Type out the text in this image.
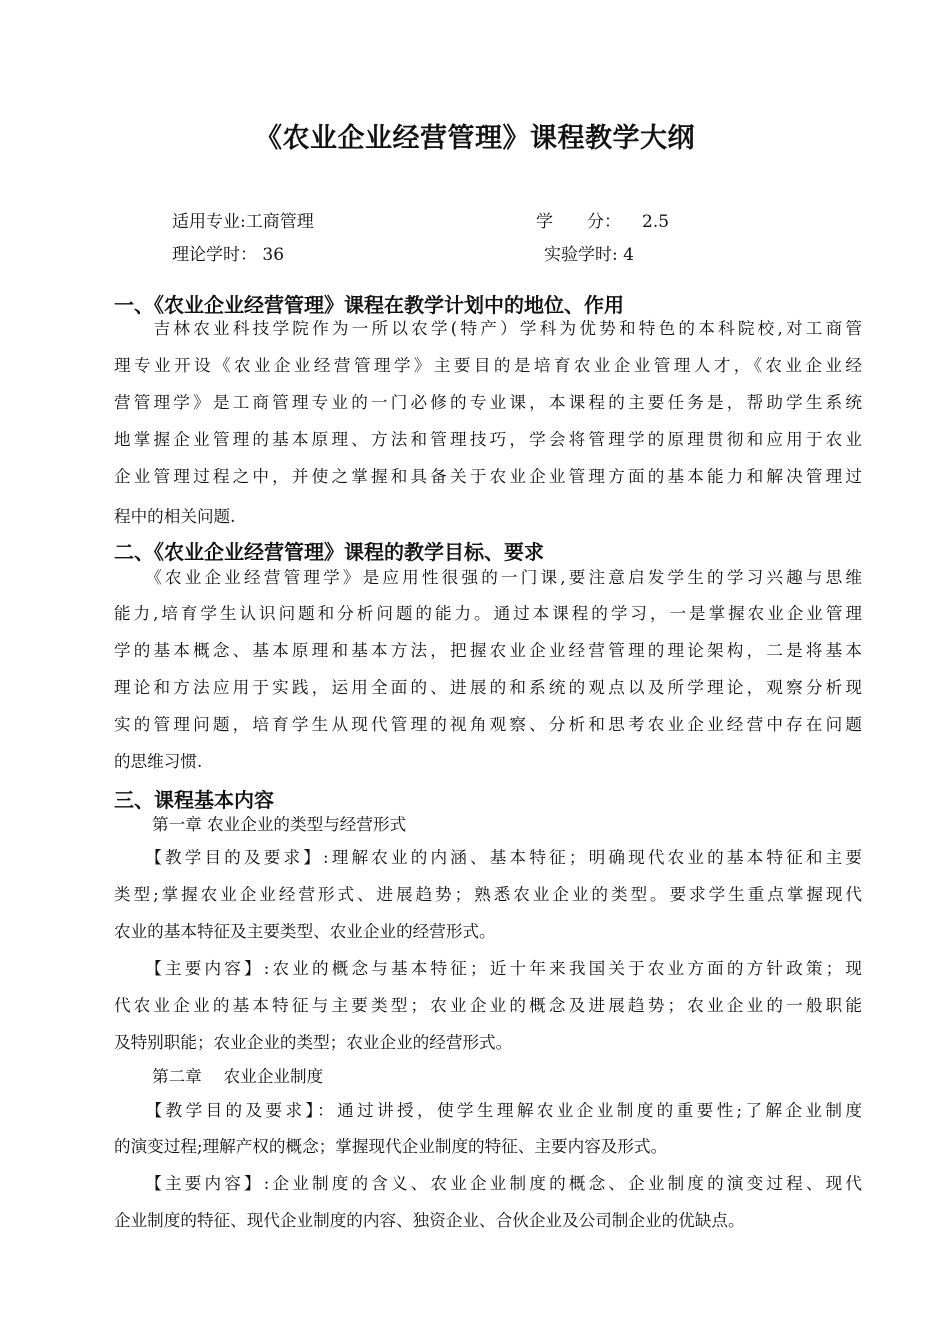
《农业企业经营管理》课程教学大纲
适用专业:工商管理	学　　分： 2.5
理论学时： 36	实验学时: 4
一、《农业企业经营管理》课程在教学计划中的地位、作用
　　吉林农业科技学院作为一所以农学(特产）学科为优势和特色的本科院校,对工商管
理专业开设《农业企业经营管理学》主要目的是培育农业企业管理人才，《农业企业经
营管理学》是工商管理专业的一门必修的专业课，本课程的主要任务是，帮助学生系统
地掌握企业管理的基本原理、方法和管理技巧，学会将管理学的原理贯彻和应用于农业
企业管理过程之中，并使之掌握和具备关于农业企业管理方面的基本能力和解决管理过
程中的相关问题.
二、《农业企业经营管理》课程的教学目标、要求
　　《农业企业经营管理学》是应用性很强的一门课,要注意启发学生的学习兴趣与思维
能力,培育学生认识问题和分析问题的能力。通过本课程的学习，一是掌握农业企业管理
学的基本概念、基本原理和基本方法，把握农业企业经营管理的理论架构，二是将基本
理论和方法应用于实践，运用全面的、进展的和系统的观点以及所学理论，观察分析现
实的管理问题，培育学生从现代管理的视角观察、分析和思考农业企业经营中存在问题
的思维习惯.
三、课程基本内容
第一章 农业企业的类型与经营形式
　　【教学目的及要求】:理解农业的内涵、基本特征；明确现代农业的基本特征和主要
类型;掌握农业企业经营形式、进展趋势；熟悉农业企业的类型。要求学生重点掌握现代
农业的基本特征及主要类型、农业企业的经营形式。
　　【主要内容】:农业的概念与基本特征；近十年来我国关于农业方面的方针政策；现
代农业企业的基本特征与主要类型；农业企业的概念及进展趋势；农业企业的一般职能
及特别职能；农业企业的类型；农业企业的经营形式。
第二章　 农业企业制度
　　【教学目的及要求】：通过讲授，使学生理解农业企业制度的重要性;了解企业制度
的演变过程;理解产权的概念；掌握现代企业制度的特征、主要内容及形式。
　　【主要内容】:企业制度的含义、农业企业制度的概念、企业制度的演变过程、现代
企业制度的特征、现代企业制度的内容、独资企业、合伙企业及公司制企业的优缺点。
